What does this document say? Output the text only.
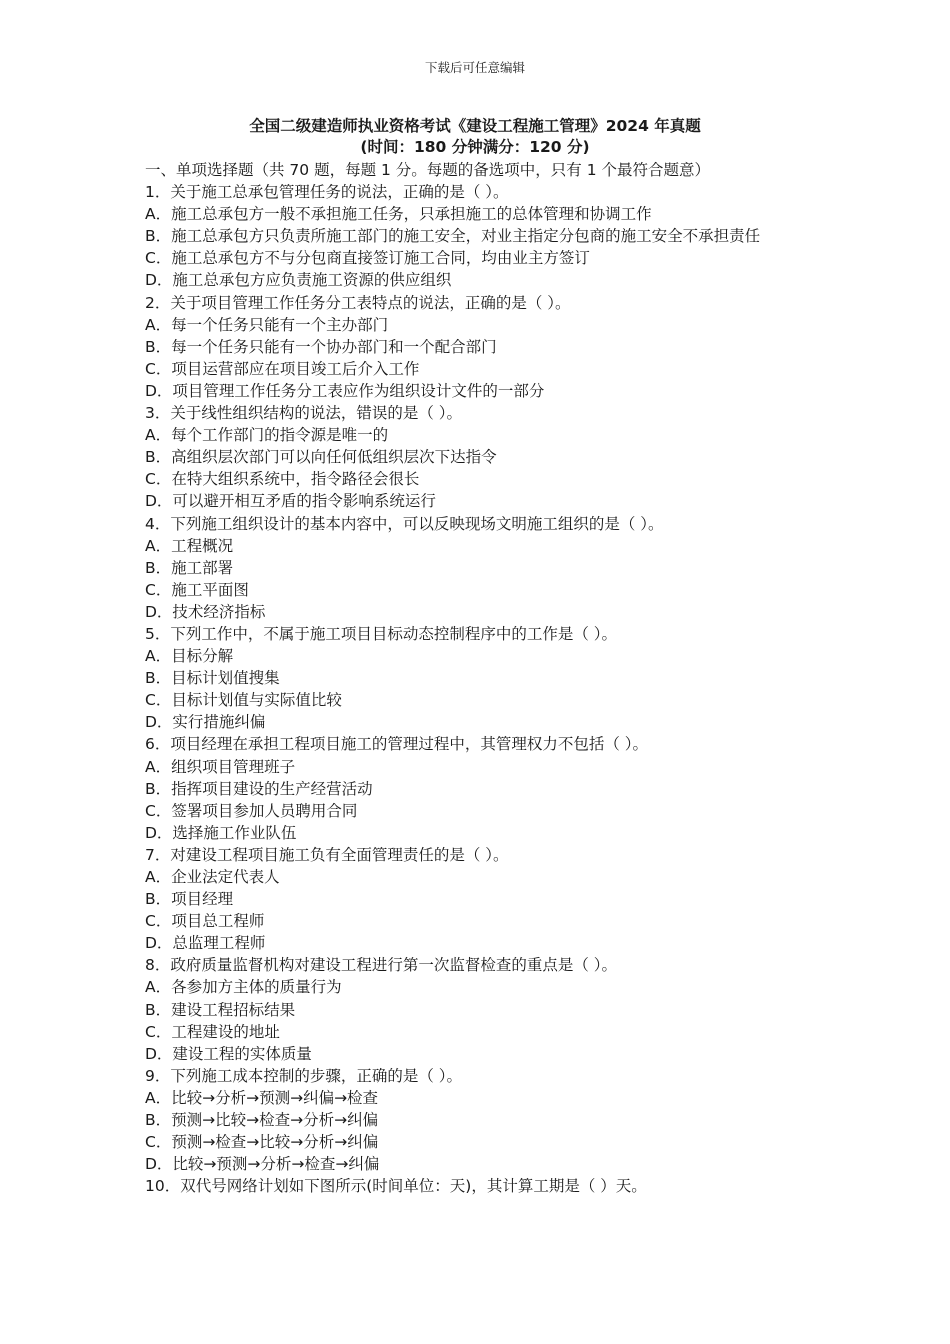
下载后可任意编辑
全国二级建造师执业资格考试《建设工程施工管理》2024 年真题
(时间：180 分钟满分：120 分)
一、单项选择题（共 70 题，每题 1 分。每题的备选项中，只有 1 个最符合题意）
1．关于施工总承包管理任务的说法，正确的是（ ）。
A．施工总承包方一般不承担施工任务，只承担施工的总体管理和协调工作
B．施工总承包方只负责所施工部门的施工安全，对业主指定分包商的施工安全不承担责任
C．施工总承包方不与分包商直接签订施工合同，均由业主方签订
D．施工总承包方应负责施工资源的供应组织
2．关于项目管理工作任务分工表特点的说法，正确的是（ ）。
A．每一个任务只能有一个主办部门
B．每一个任务只能有一个协办部门和一个配合部门
C．项目运营部应在项目竣工后介入工作
D．项目管理工作任务分工表应作为组织设计文件的一部分
3．关于线性组织结构的说法，错误的是（ ）。
A．每个工作部门的指令源是唯一的
B．高组织层次部门可以向任何低组织层次下达指令
C．在特大组织系统中，指令路径会很长
D．可以避开相互矛盾的指令影响系统运行
4．下列施工组织设计的基本内容中，可以反映现场文明施工组织的是（ ）。
A．工程概况
B．施工部署
C．施工平面图
D．技术经济指标
5．下列工作中，不属于施工项目目标动态控制程序中的工作是（ ）。
A．目标分解
B．目标计划值搜集
C．目标计划值与实际值比较
D．实行措施纠偏
6．项目经理在承担工程项目施工的管理过程中，其管理权力不包括（ ）。
A．组织项目管理班子
B．指挥项目建设的生产经营活动
C．签署项目参加人员聘用合同
D．选择施工作业队伍
7．对建设工程项目施工负有全面管理责任的是（ ）。
A．企业法定代表人
B．项目经理
C．项目总工程师
D．总监理工程师
8．政府质量监督机构对建设工程进行第一次监督检查的重点是（ ）。
A．各参加方主体的质量行为
B．建设工程招标结果
C．工程建设的地址
D．建设工程的实体质量
9．下列施工成本控制的步骤，正确的是（ ）。
A．比较→分析→预测→纠偏→检查
B．预测→比较→检查→分析→纠偏
C．预测→检查→比较→分析→纠偏
D．比较→预测→分析→检查→纠偏
10．双代号网络计划如下图所示(时间单位：天)，其计算工期是（ ）天。
